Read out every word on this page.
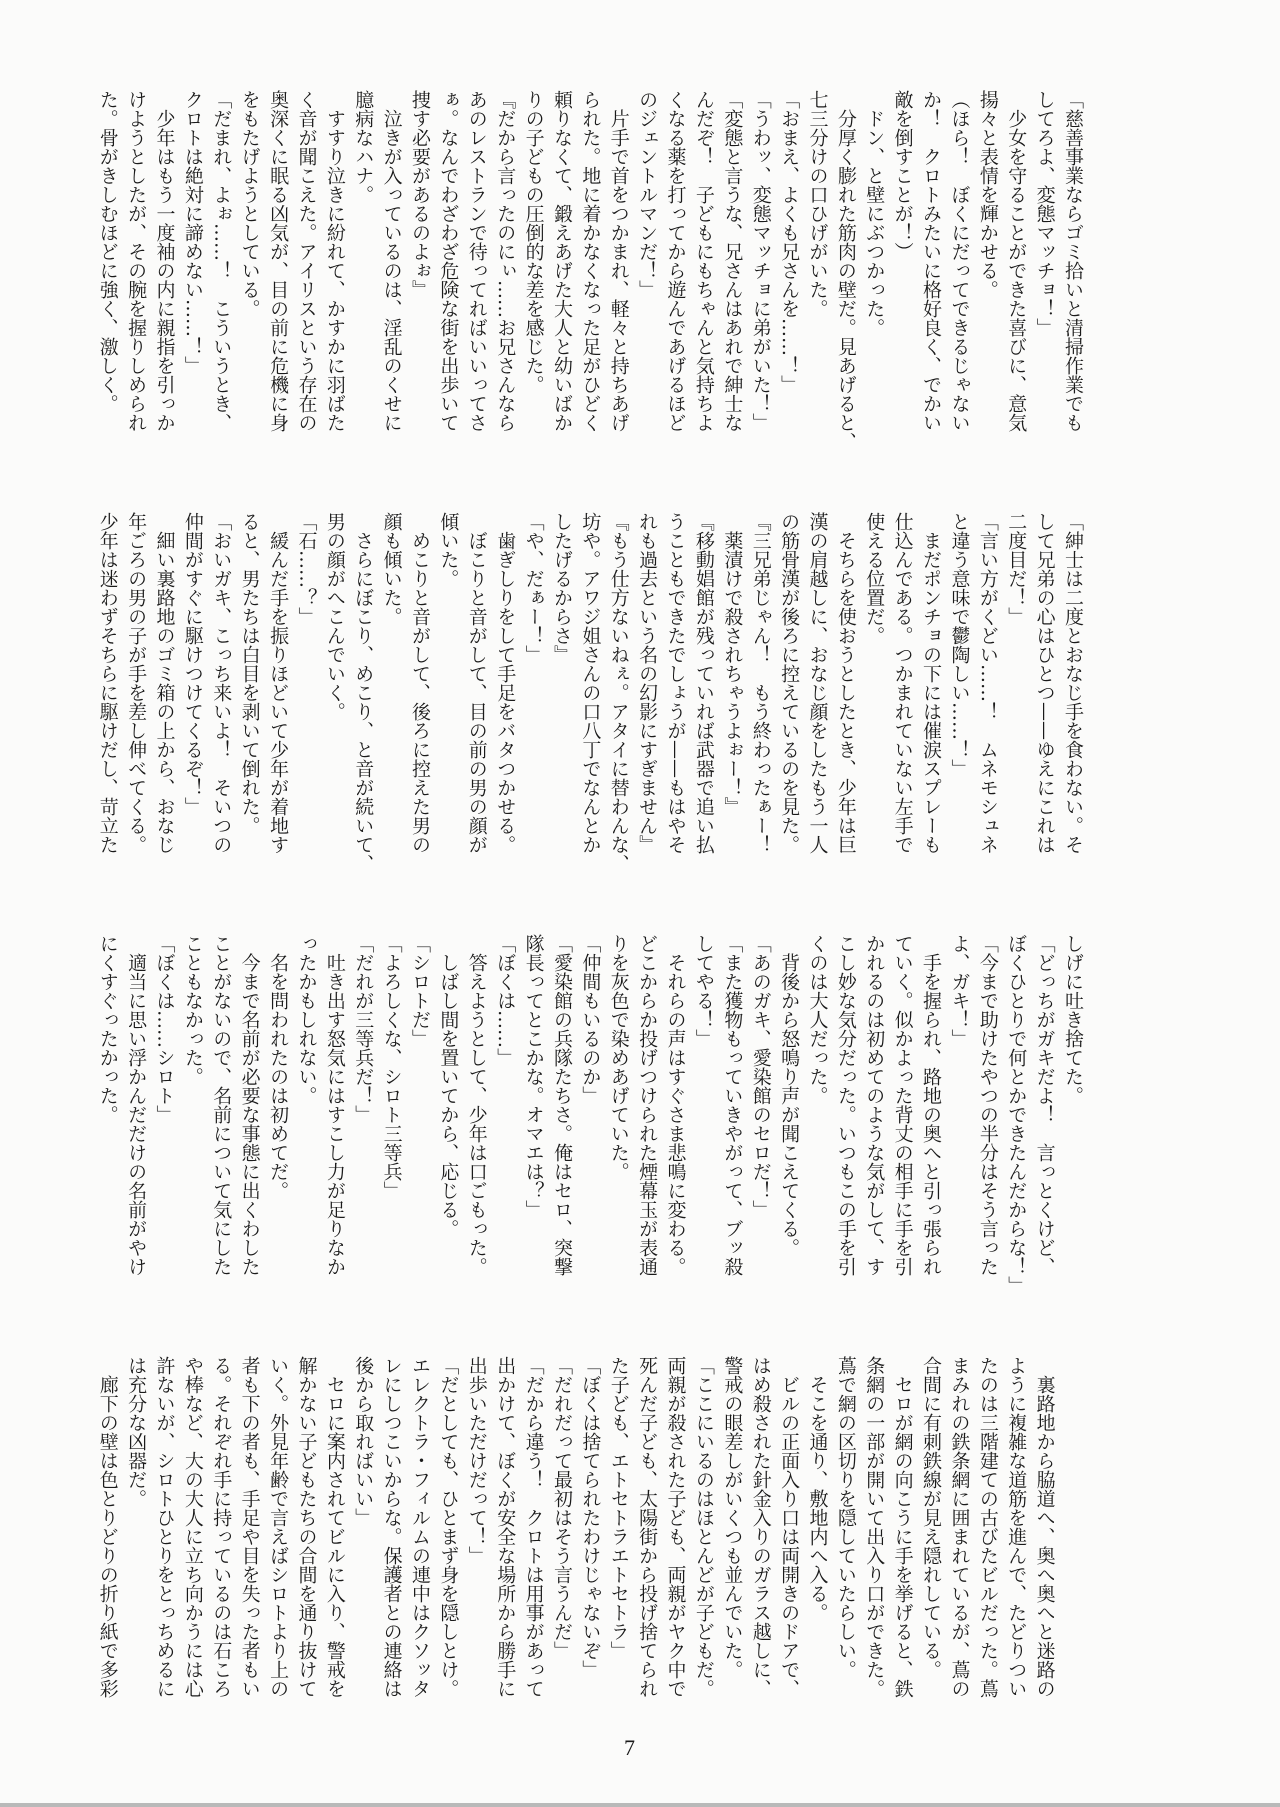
「慈善事業ならゴミ拾いと清掃作業でも
してろよ、変態マッチョ！」
　少女を守ることができた喜びに、意気
揚々と表情を輝かせる。
（ほら！　ぼくにだってできるじゃない
か！　クロトみたいに格好良く、でかい
敵を倒すことが！）
　ドン、と壁にぶつかった。
　分厚く膨れた筋肉の壁だ。見あげると、
七三分けの口ひげがいた。
「おまえ、よくも兄さんを……！」
「うわッ、変態マッチョに弟がいた！」
「変態と言うな、兄さんはあれで紳士な
んだぞ！　子どもにもちゃんと気持ちよ
くなる薬を打ってから遊んであげるほど
のジェントルマンだ！」
　片手で首をつかまれ、軽々と持ちあげ
られた。地に着かなくなった足がひどく
頼りなくて、鍛えあげた大人と幼いばか
りの子どもの圧倒的な差を感じた。
『だから言ったのにぃ……お兄さんなら
あのレストランで待ってればいいってさ
ぁ。なんでわざわざ危険な街を出歩いて
捜す必要があるのよぉ』
　泣きが入っているのは、淫乱のくせに
臆病なハナ。
　すすり泣きに紛れて、かすかに羽ばた
く音が聞こえた。アイリスという存在の
奥深くに眠る凶気が、目の前に危機に身
をもたげようとしている。
「だまれ、よぉ……！　こういうとき、
クロトは絶対に諦めない……！」
　少年はもう一度袖の内に親指を引っか
けようとしたが、その腕を握りしめられ
た。骨がきしむほどに強く、激しく。
「紳士は二度とおなじ手を食わない。そ
して兄弟の心はひとつ——ゆえにこれは
二度目だ！」
「言い方がくどい……！　ムネモシュネ
と違う意味で鬱陶しい……！」
　まだポンチョの下には催涙スプレーも
仕込んである。つかまれていない左手で
使える位置だ。
　そちらを使おうとしたとき、少年は巨
漢の肩越しに、おなじ顔をしたもう一人
の筋骨漢が後ろに控えているのを見た。
『三兄弟じゃん！　もう終わったぁー！
　薬漬けで殺されちゃうよぉー！』
『移動娼館が残っていれば武器で追い払
うこともできたでしょうが——もはやそ
れも過去という名の幻影にすぎません』
『もう仕方ないねぇ。アタイに替わんな、
坊や。アワジ姐さんの口八丁でなんとか
したげるからさ』
「や、だぁー！」
　歯ぎしりをして手足をバタつかせる。
　ぼこりと音がして、目の前の男の顔が
傾いた。
　めこりと音がして、後ろに控えた男の
顔も傾いた。
　さらにぼこり、めこり、と音が続いて、
男の顔がへこんでいく。
「石……？」
　緩んだ手を振りほどいて少年が着地す
ると、男たちは白目を剥いて倒れた。
「おいガキ、こっち来いよ！　そいつの
仲間がすぐに駆けつけてくるぞ！」
　細い裏路地のゴミ箱の上から、おなじ
年ごろの男の子が手を差し伸べてくる。
少年は迷わずそちらに駆けだし、苛立た
しげに吐き捨てた。
「どっちがガキだよ！　言っとくけど、
ぼくひとりで何とかできたんだからな！」
「今まで助けたやつの半分はそう言った
よ、ガキ！」
　手を握られ、路地の奥へと引っ張られ
ていく。似かよった背丈の相手に手を引
かれるのは初めてのような気がして、す
こし妙な気分だった。いつもこの手を引
くのは大人だった。
　背後から怒鳴り声が聞こえてくる。
「あのガキ、愛染館のセロだ！」
「また獲物もっていきやがって、ブッ殺
してやる！」
　それらの声はすぐさま悲鳴に変わる。
どこからか投げつけられた煙幕玉が表通
りを灰色で染めあげていた。
「仲間もいるのか」
「愛染館の兵隊たちさ。俺はセロ、突撃
隊長ってとこかな。オマエは？」
「ぼくは……」
　答えようとして、少年は口ごもった。
　しばし間を置いてから、応じる。
「シロトだ」
「よろしくな、シロト三等兵」
「だれが三等兵だ！」
　吐き出す怒気にはすこし力が足りなか
ったかもしれない。
　名を問われたのは初めてだ。
　今まで名前が必要な事態に出くわした
ことがないので、名前について気にした
こともなかった。
「ぼくは……シロト」
　適当に思い浮かんだだけの名前がやけ
にくすぐったかった。
　裏路地から脇道へ、奥へ奥へと迷路の
ように複雑な道筋を進んで、たどりつい
たのは三階建ての古びたビルだった。蔦
まみれの鉄条網に囲まれているが、蔦の
合間に有刺鉄線が見え隠れしている。
　セロが網の向こうに手を挙げると、鉄
条網の一部が開いて出入り口ができた。
蔦で網の区切りを隠していたらしい。
　そこを通り、敷地内へ入る。
　ビルの正面入り口は両開きのドアで、
はめ殺された針金入りのガラス越しに、
警戒の眼差しがいくつも並んでいた。
「ここにいるのはほとんどが子どもだ。
両親が殺された子ども、両親がヤク中で
死んだ子ども、太陽街から投げ捨てられ
た子ども、エトセトラエトセトラ」
「ぼくは捨てられたわけじゃないぞ」
「だれだって最初はそう言うんだ」
「だから違う！　クロトは用事があって
出かけて、ぼくが安全な場所から勝手に
出歩いただけだって！」
「だとしても、ひとまず身を隠しとけ。
エレクトラ・フィルムの連中はクソッタ
レにしつこいからな。保護者との連絡は
後から取ればいい」
　セロに案内されてビルに入り、警戒を
解かない子どもたちの合間を通り抜けて
いく。外見年齢で言えばシロトより上の
者も下の者も、手足や目を失った者もい
る。それぞれ手に持っているのは石ころ
や棒など、大の大人に立ち向かうには心
許ないが、シロトひとりをとっちめるに
は充分な凶器だ。
　廊下の壁は色とりどりの折り紙で多彩
7
